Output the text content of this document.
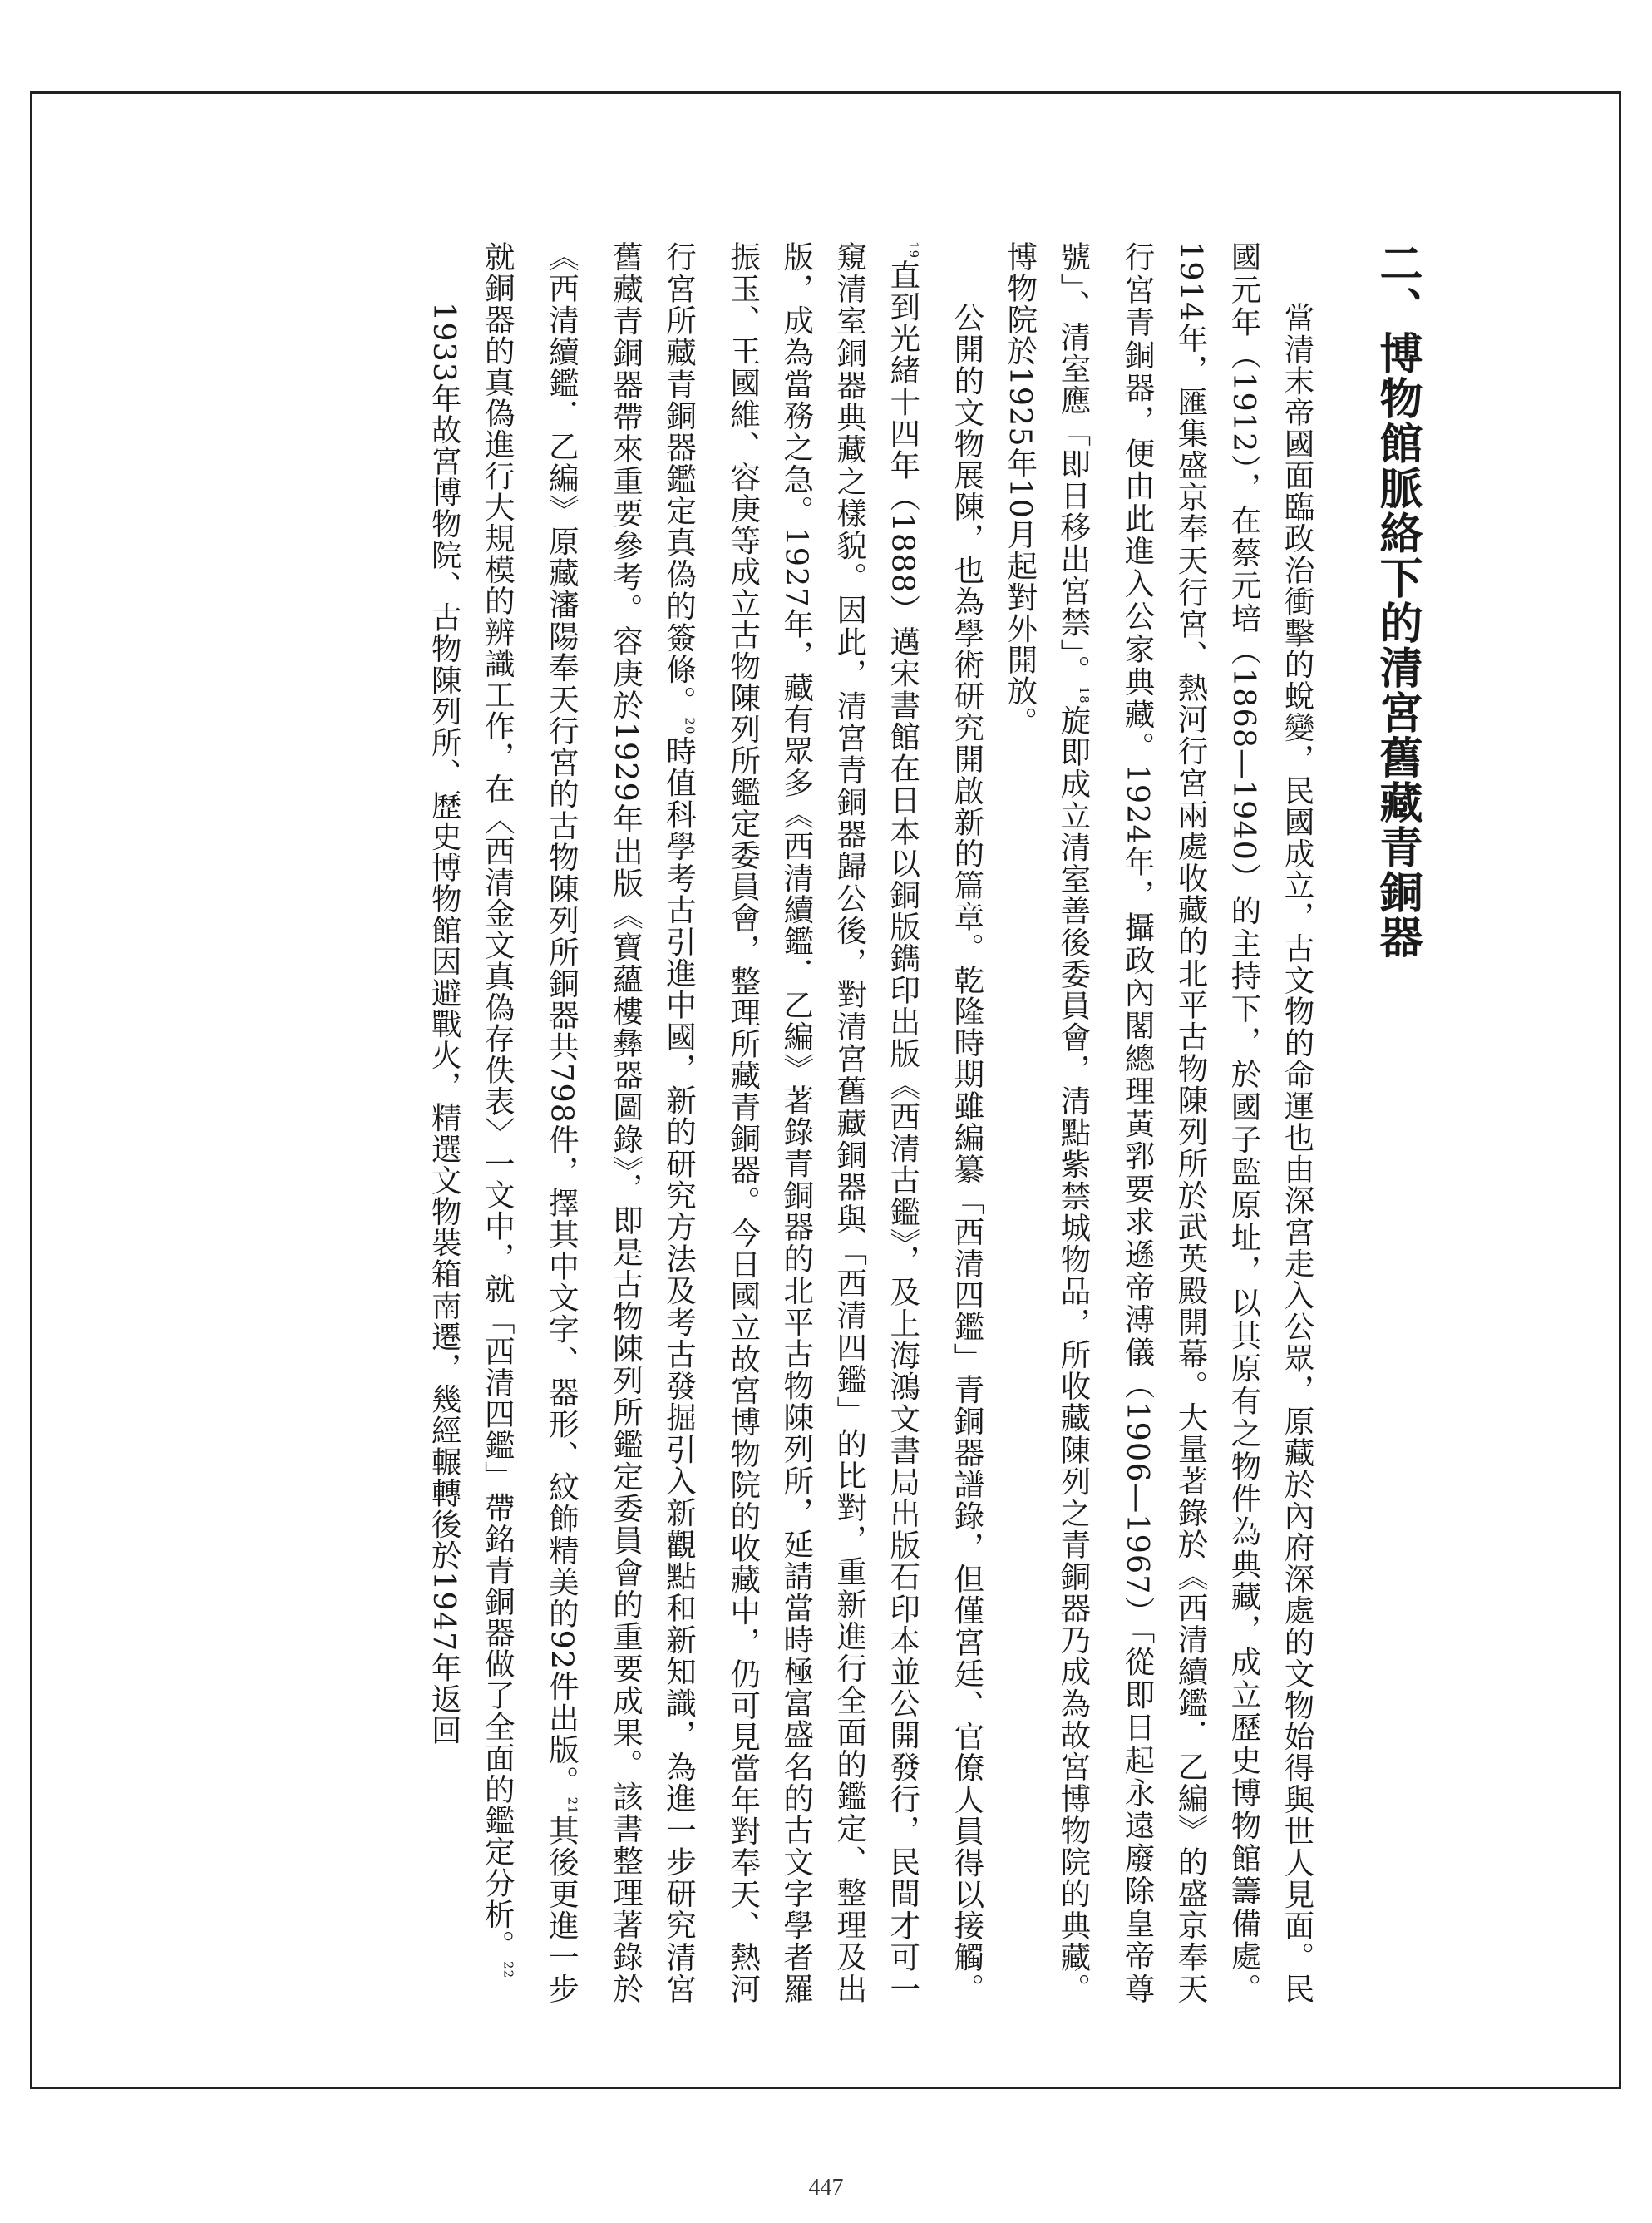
二、博物館脈絡下的清宮舊藏青銅器

當清末帝國面臨政治衝擊的蛻變，民國成立，古文物的命運也由深宮走入公眾，原藏於內府深處的文物始得與世人見面。民國元年（1912），在蔡元培（1868—1940）的主持下，於國子監原址，以其原有之物件為典藏，成立歷史博物館籌備處。1914年，匯集盛京奉天行宮、熱河行宮兩處收藏的北平古物陳列所於武英殿開幕。大量著錄於《西清續鑑．乙編》的盛京奉天行宮青銅器，便由此進入公家典藏。1924年，攝政內閣總理黃郛要求遜帝溥儀（1906—1967）「從即日起永遠廢除皇帝尊號」、清室應「即日移出宮禁」。$^{18}$旋即成立清室善後委員會，清點紫禁城物品，所收藏陳列之青銅器乃成為故宮博物院的典藏。博物院於1925年10月起對外開放。

公開的文物展陳，也為學術研究開啟新的篇章。乾隆時期雖編纂「西清四鑑」青銅器譜錄，但僅宮廷、官僚人員得以接觸。$^{19}$直到光緒十四年（1888）邁宋書館在日本以銅版鐫印出版《西清古鑑》，及上海鴻文書局出版石印本並公開發行，民間才可一窺清室銅器典藏之樣貌。因此，清宮青銅器歸公後，對清宮舊藏銅器與「西清四鑑」的比對，重新進行全面的鑑定、整理及出版，成為當務之急。1927年，藏有眾多《西清續鑑．乙編》著錄青銅器的北平古物陳列所，延請當時極富盛名的古文字學者羅振玉、王國維、容庚等成立古物陳列所鑑定委員會，整理所藏青銅器。今日國立故宮博物院的收藏中，仍可見當年對奉天、熱河行宮所藏青銅器鑑定真偽的簽條。$^{20}$時值科學考古引進中國，新的研究方法及考古發掘引入新觀點和新知識，為進一步研究清宮舊藏青銅器帶來重要參考。容庚於1929年出版《寶蘊樓彝器圖錄》，即是古物陳列所鑑定委員會的重要成果。該書整理著錄於《西清續鑑．乙編》原藏瀋陽奉天行宮的古物陳列所銅器共798件，擇其中文字、器形、紋飾精美的92件出版。$^{21}$其後更進一步就銅器的真偽進行大規模的辨識工作，在〈西清金文真偽存佚表〉一文中，就「西清四鑑」帶銘青銅器做了全面的鑑定分析。$^{22}$

1933年故宮博物院、古物陳列所、歷史博物館因避戰火，精選文物裝箱南遷，幾經輾轉後於1947年返回

447
